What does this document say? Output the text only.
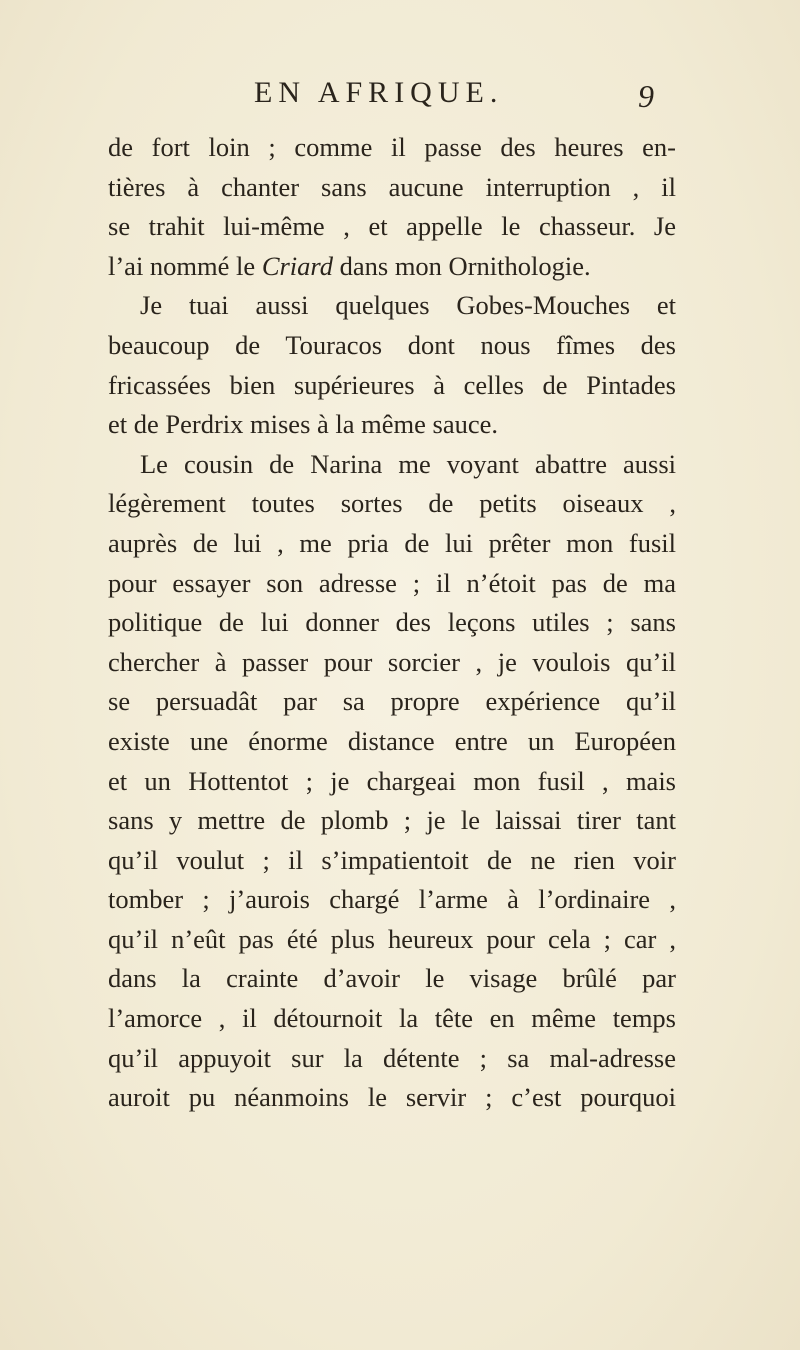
EN AFRIQUE.	9
de fort loin ; comme il passe des heures en-
tières à chanter sans aucune interruption , il
se trahit lui-même , et appelle le chasseur. Je
l’ai nommé le Criard dans mon Ornithologie.
Je tuai aussi quelques Gobes-Mouches et
beaucoup de Touracos dont nous fîmes des
fricassées bien supérieures à celles de Pintades
et de Perdrix mises à la même sauce.
Le cousin de Narina me voyant abattre aussi
légèrement toutes sortes de petits oiseaux ,
auprès de lui , me pria de lui prêter mon fusil
pour essayer son adresse ; il n’étoit pas de ma
politique de lui donner des leçons utiles ; sans
chercher à passer pour sorcier , je voulois qu’il
se persuadât par sa propre expérience qu’il
existe une énorme distance entre un Européen
et un Hottentot ; je chargeai mon fusil , mais
sans y mettre de plomb ; je le laissai tirer tant
qu’il voulut ; il s’impatientoit de ne rien voir
tomber ; j’aurois chargé l’arme à l’ordinaire ,
qu’il n’eût pas été plus heureux pour cela ; car ,
dans la crainte d’avoir le visage brûlé par
l’amorce , il détournoit la tête en même temps
qu’il appuyoit sur la détente ; sa mal-adresse
auroit pu néanmoins le servir ; c’est pourquoi
